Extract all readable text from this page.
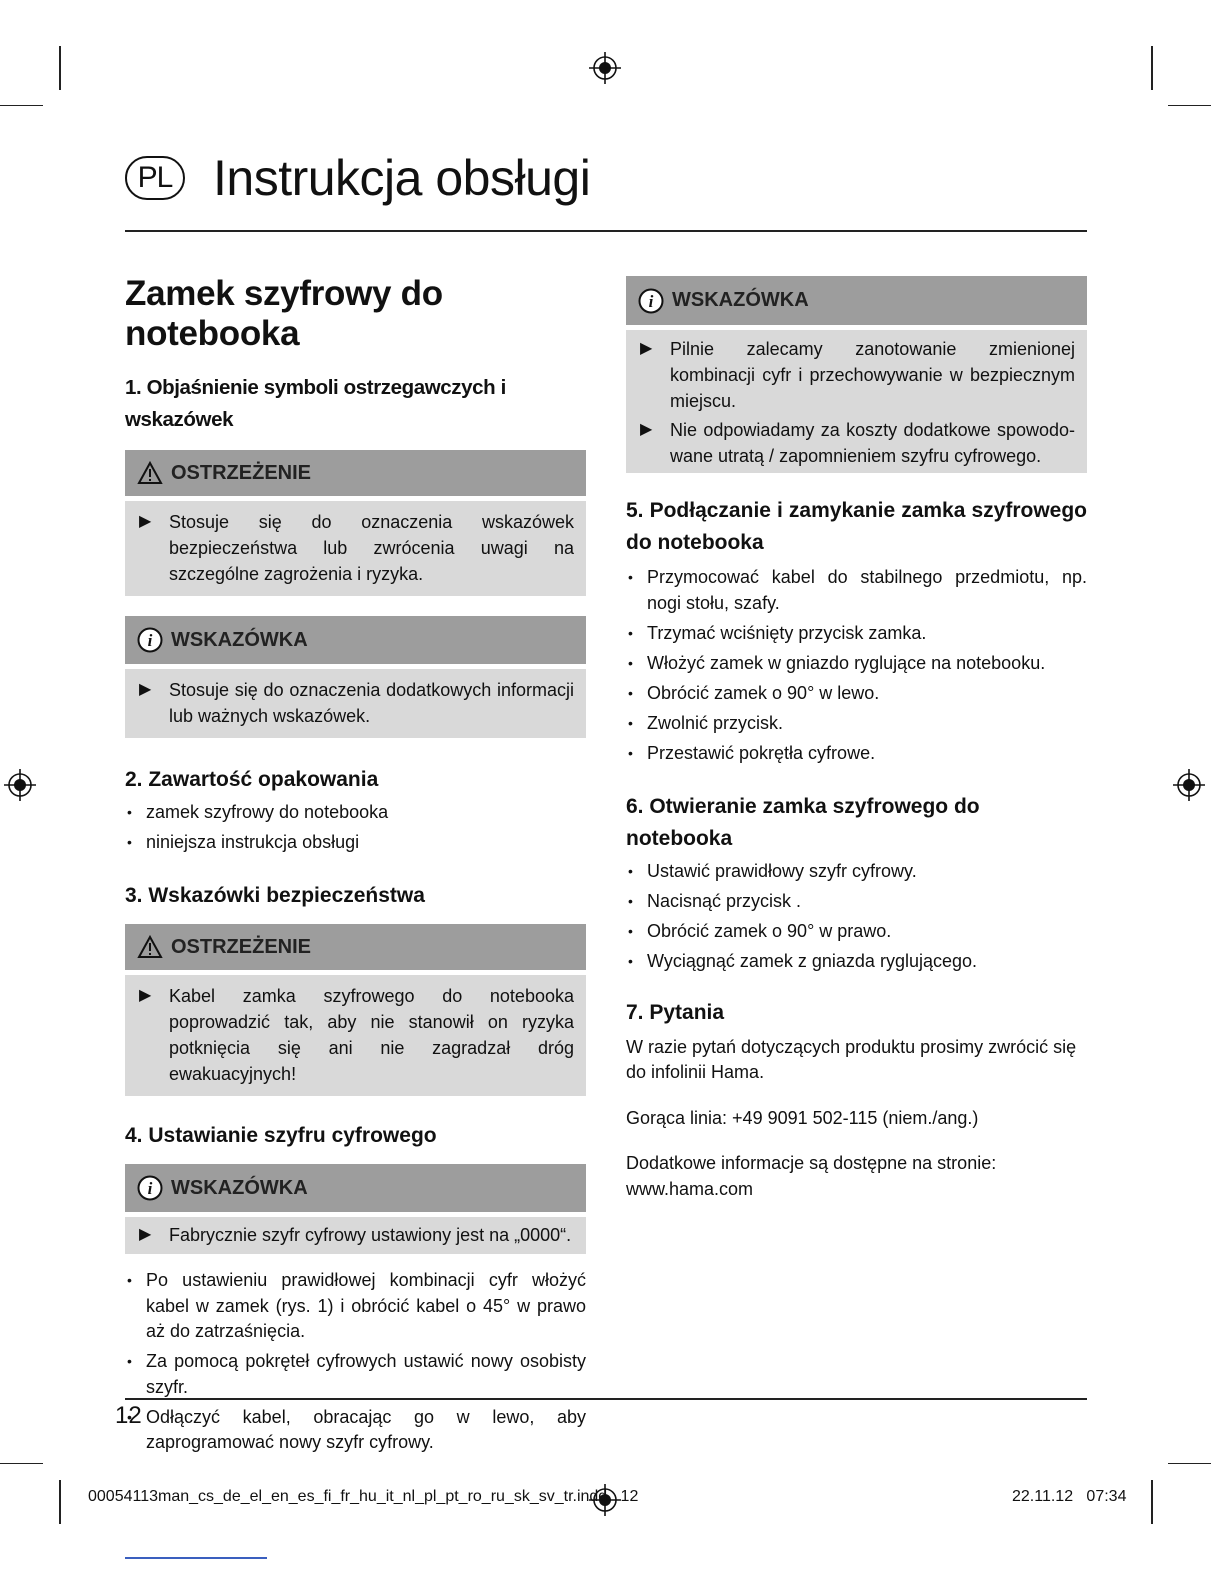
PL Instrukcja obsługi
Zamek szyfrowy do notebooka
1. Objaśnienie symboli ostrzegawczych i wskazówek
OSTRZEŻENIE
▶ Stosuje się do oznaczenia wskazówek bezpieczeństwa lub zwrócenia uwagi na szczególne zagrożenia i ryzyka.
i WSKAZÓWKA
▶ Stosuje się do oznaczenia dodatkowych informacji lub ważnych wskazówek.
2. Zawartość opakowania
• zamek szyfrowy do notebooka
• niniejsza instrukcja obsługi
3. Wskazówki bezpieczeństwa
OSTRZEŻENIE
▶ Kabel zamka szyfrowego do notebooka poprowadzić tak, aby nie stanowił on ryzyka potknięcia się ani nie zagradzał dróg ewakuacyjnych!
4. Ustawianie szyfru cyfrowego
i WSKAZÓWKA
▶ Fabrycznie szyfr cyfrowy ustawiony jest na „0000“.
• Po ustawieniu prawidłowej kombinacji cyfr włożyć kabel w zamek (rys. 1) i obrócić kabel o 45° w prawo aż do zatrzaśnięcia.
• Za pomocą pokręteł cyfrowych ustawić nowy osobisty szyfr.
• Odłączyć kabel, obracając go w lewo, aby zaprogramować nowy szyfr cyfrowy.
i WSKAZÓWKA
▶ Pilnie zalecamy zanotowanie zmienionej kombinacji cyfr i przechowywanie w bezpiecznym miejscu.
▶ Nie odpowiadamy za koszty dodatkowe spowodo-wane utratą / zapomnieniem szyfru cyfrowego.
5. Podłączanie i zamykanie zamka szyfrowego do notebooka
• Przymocować kabel do stabilnego przedmiotu, np. nogi stołu, szafy.
• Trzymać wciśnięty przycisk zamka.
• Włożyć zamek w gniazdo ryglujące na notebooku.
• Obrócić zamek o 90° w lewo.
• Zwolnić przycisk.
• Przestawić pokrętła cyfrowe.
6. Otwieranie zamka szyfrowego do notebooka
• Ustawić prawidłowy szyfr cyfrowy.
• Nacisnąć przycisk .
• Obrócić zamek o 90° w prawo.
• Wyciągnąć zamek z gniazda ryglującego.
7. Pytania

W razie pytań dotyczących produktu prosimy zwrócić się do infolinii Hama.

Gorąca linia: +49 9091 502-115 (niem./ang.)

Dodatkowe informacje są dostępne na stronie: www.hama.com

12
00054113man_cs_de_el_en_es_fi_fr_hu_it_nl_pl_pt_ro_ru_sk_sv_tr.indd   12	22.11.12   07:34
